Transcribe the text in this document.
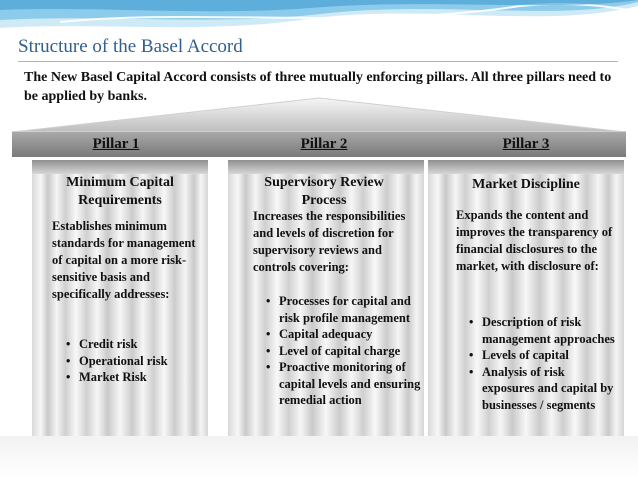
Structure of the Basel Accord
The New Basel Capital Accord consists of three mutually enforcing pillars. All three pillars need to be applied by banks.
Pillar 1	Pillar 2	Pillar 3
Minimum Capital Requirements
Establishes minimum standards for management of capital on a more risk-sensitive basis and specifically addresses:
• Credit risk
• Operational risk
• Market Risk
Supervisory Review Process
Increases the responsibilities and levels of discretion for supervisory reviews and controls covering:
• Processes for capital and risk profile management
• Capital adequacy
• Level of capital charge
• Proactive monitoring of capital levels and ensuring remedial action
Market Discipline
Expands the content and improves the transparency of financial disclosures to the market, with disclosure of:
• Description of risk management approaches
• Levels of capital
• Analysis of risk exposures and capital by businesses / segments
